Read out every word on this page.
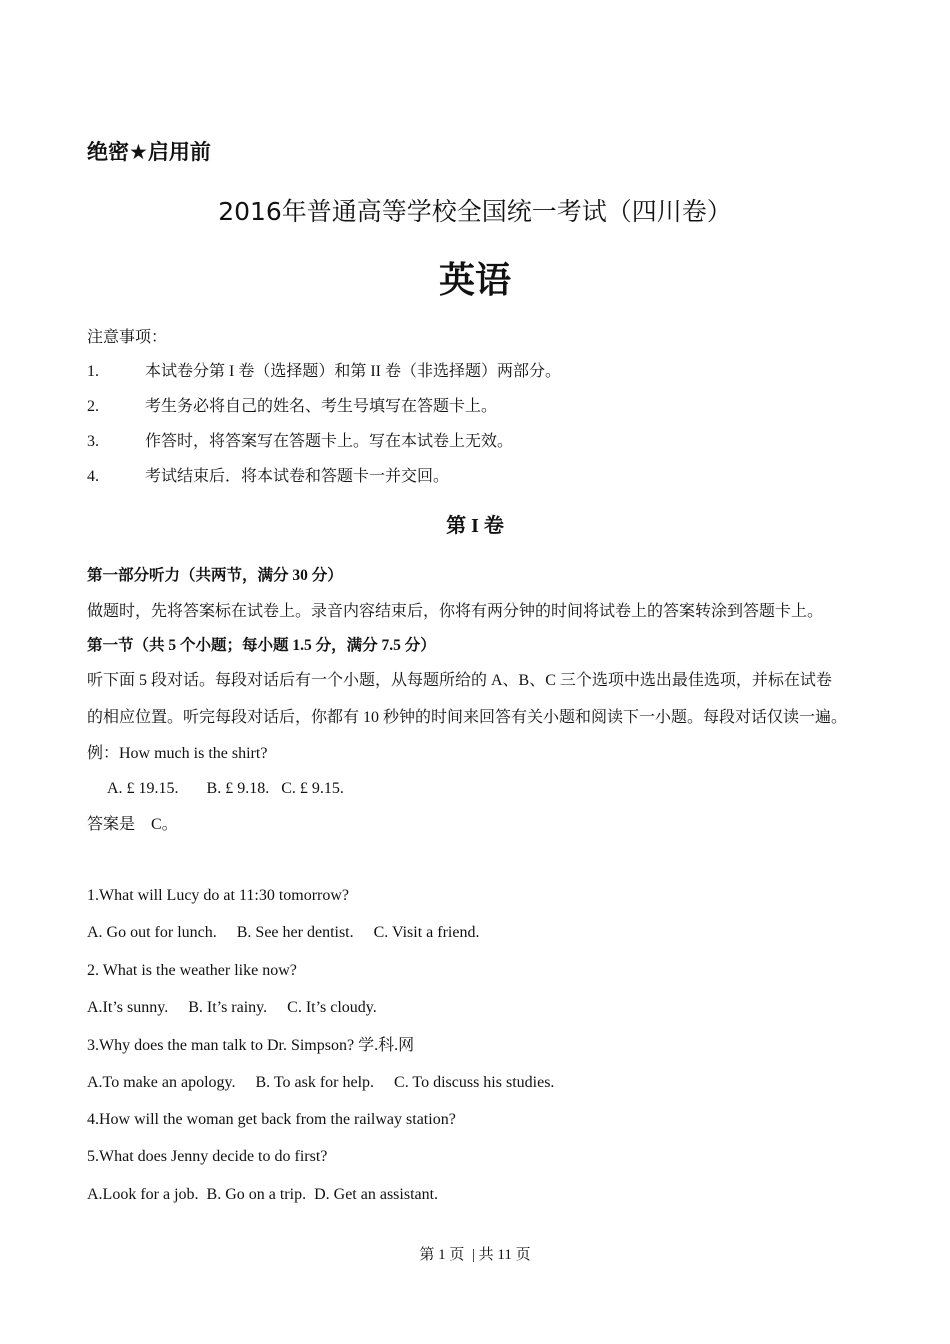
绝密★启用前
2016年普通高等学校全国统一考试（四川卷）
英语
注意事项：
1.	本试卷分第 I 卷（选择题）和第 II 卷（非选择题）两部分。
2.	考生务必将自己的姓名、考生号填写在答题卡上。
3.	作答时，将答案写在答题卡上。写在本试卷上无效。
4.	考试结束后．将本试卷和答题卡一并交回。
第 I 卷
第一部分听力（共两节，满分 30 分）
做题时，先将答案标在试卷上。录音内容结束后，你将有两分钟的时间将试卷上的答案转涂到答题卡上。
第一节（共 5 个小题；每小题 1.5 分，满分 7.5 分）
听下面 5 段对话。每段对话后有一个小题，从每题所给的 A、B、C 三个选项中选出最佳选项，并标在试卷
的相应位置。听完每段对话后，你都有 10 秒钟的时间来回答有关小题和阅读下一小题。每段对话仅读一遍。
例：How much is the shirt?
A. £ 19.15.       B. £ 9.18.   C. £ 9.15.
答案是    C。
1.What will Lucy do at 11:30 tomorrow?
A. Go out for lunch.     B. See her dentist.     C. Visit a friend.
2. What is the weather like now?
A.It’s sunny.     B. It’s rainy.     C. It’s cloudy.
3.Why does the man talk to Dr. Simpson? 学.科.网
A.To make an apology.     B. To ask for help.     C. To discuss his studies.
4.How will the woman get back from the railway station?
5.What does Jenny decide to do first?
A.Look for a job.  B. Go on a trip.  D. Get an assistant.
第 1 页  | 共 11 页
